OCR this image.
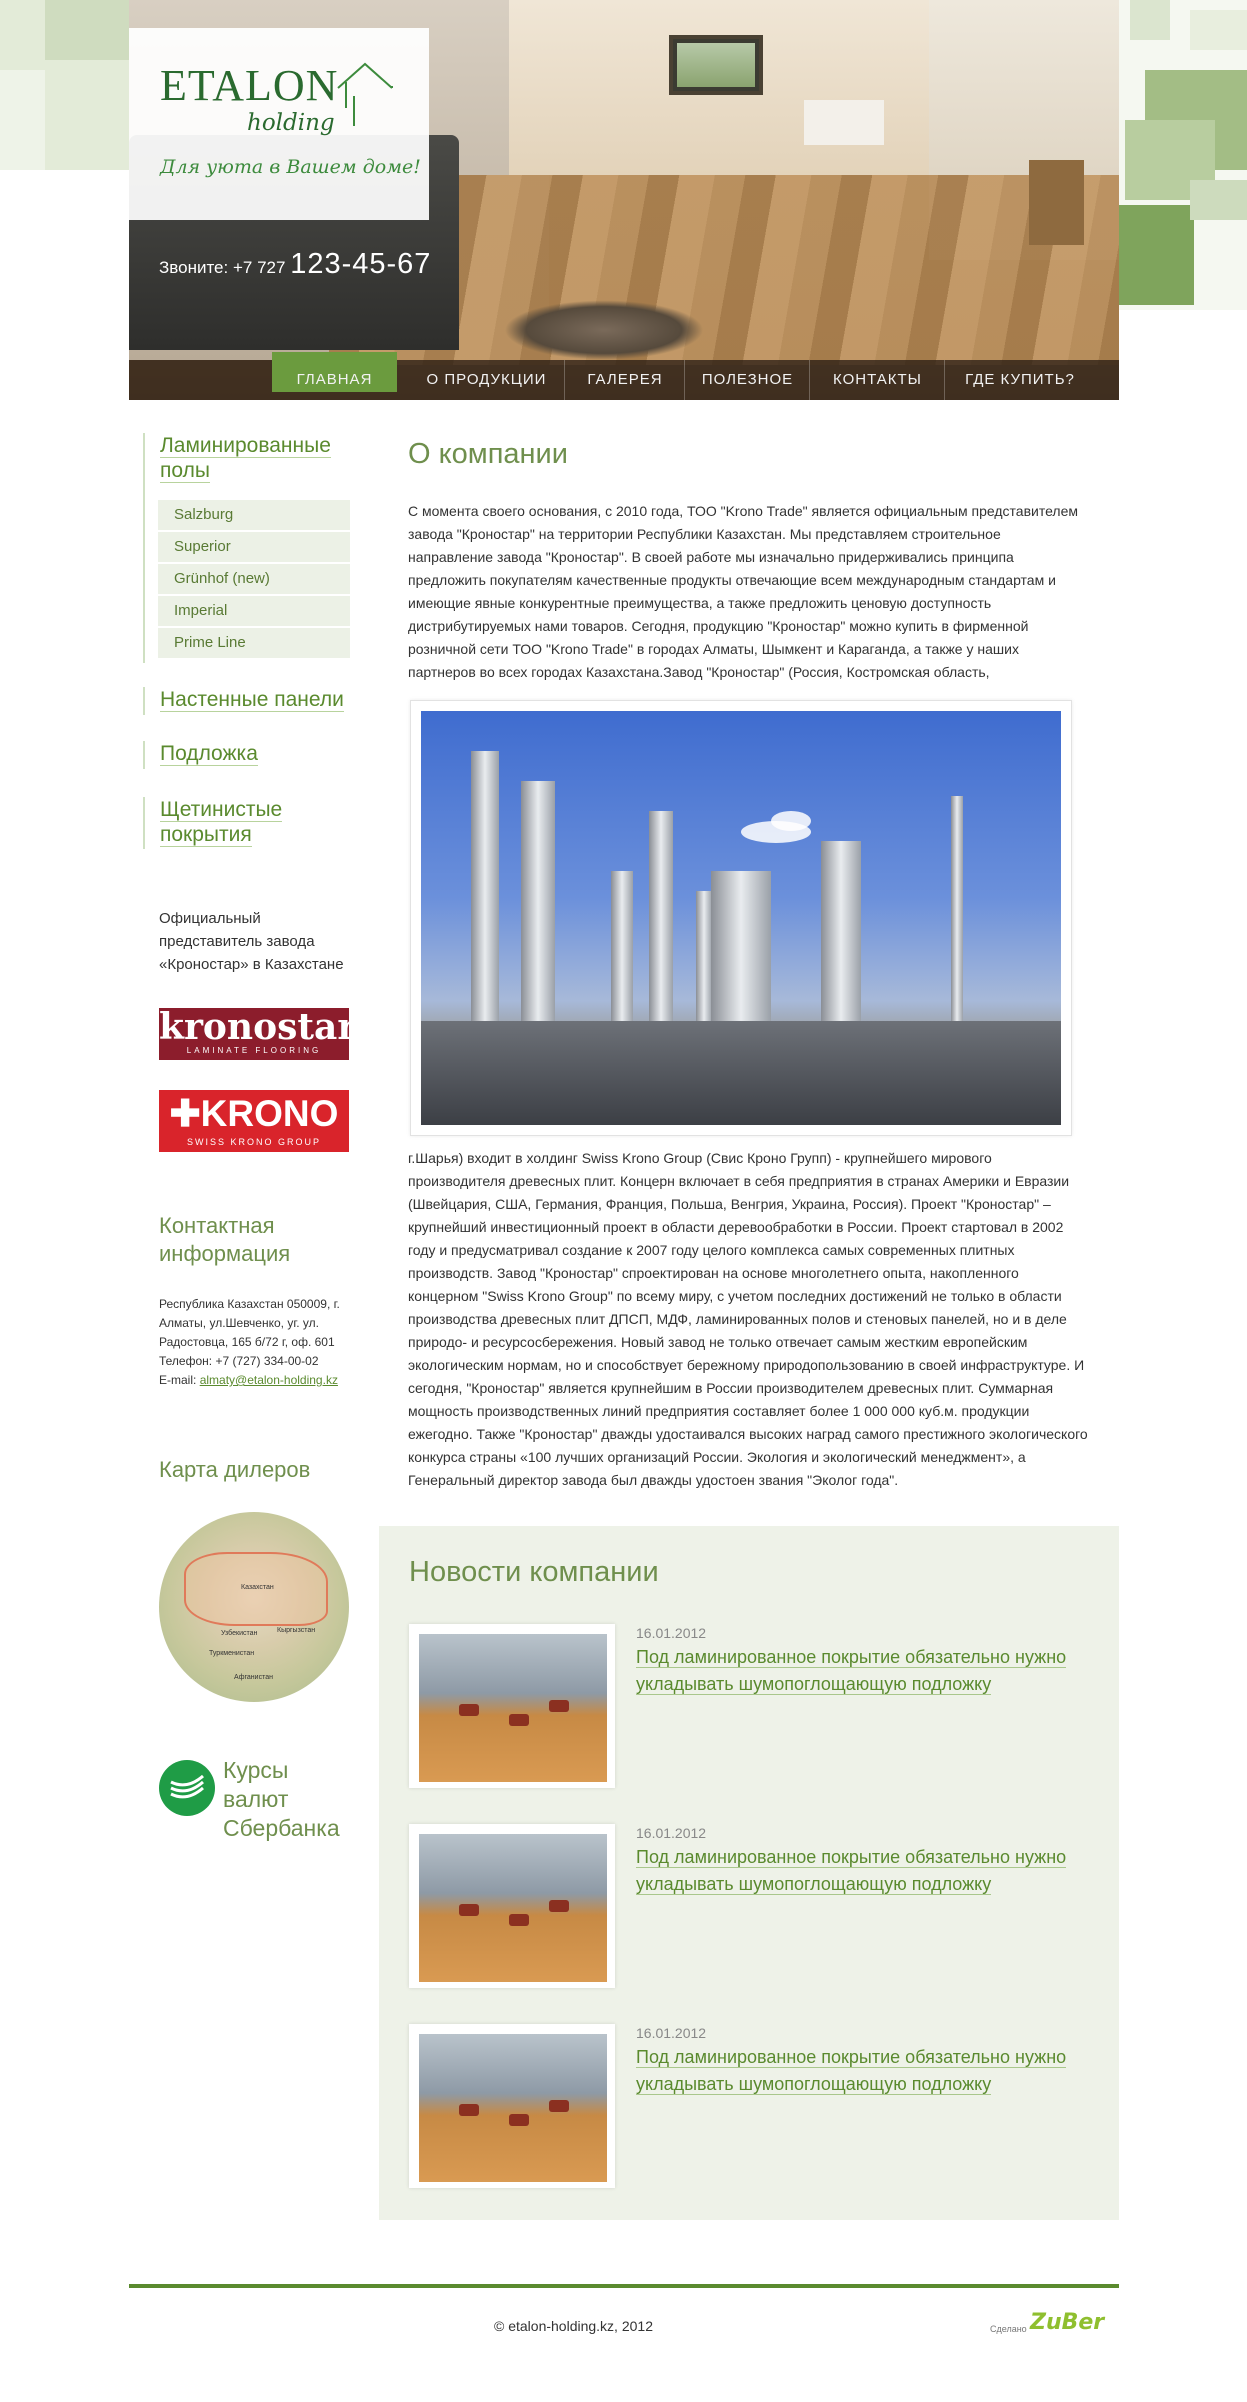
ETALON
holding
Для уюта в Вашем доме!
Звоните: +7 727 123-45-67
ГЛАВНАЯ	О ПРОДУКЦИИ	ГАЛЕРЕЯ	ПОЛЕЗНОЕ	КОНТАКТЫ	ГДЕ КУПИТЬ?
Ламинированные полы
Salzburg
Superior
Grünhof (new)
Imperial
Prime Line
Настенные панели
Подложка
Щетинистые покрытия
Официальный
представитель завода
«Кроностар» в Казахстане
kronostar
LAMINATE FLOORING
✚KRONO
SWISS KRONO GROUP
Контактная
информация
Республика Казахстан 050009, г.
Алматы, ул.Шевченко, уг. ул.
Радостовца, 165 б/72 г, оф. 601
Телефон: +7 (727) 334-00-02
E-mail: almaty@etalon-holding.kz
Карта дилеров
Казахстан
Узбекистан
Туркменистан
Афганистан
Кыргызстан
Курсы валют
Сбербанка
О компании
С момента своего основания, с 2010 года, ТОО "Krono Trade" является официальным представителем завода "Кроностар" на территории Республики Казахстан. Мы представляем строительное направление завода "Кроностар". В своей работе мы изначально придерживались принципа предложить покупателям качественные продукты отвечающие всем международным стандартам и имеющие явные конкурентные преимущества, а также предложить ценовую доступность дистрибутируемых нами товаров. Сегодня, продукцию "Кроностар" можно купить в фирменной розничной сети ТОО "Krono Trade" в городах Алматы, Шымкент и Караганда, а также у наших партнеров во всех городах Казахстана.Завод "Кроностар" (Россия, Костромская область,
г.Шарья) входит в холдинг Swiss Krono Group (Свис Кроно Групп) - крупнейшего мирового производителя древесных плит. Концерн включает в себя предприятия в странах Америки и Евразии (Швейцария, США, Германия, Франция, Польша, Венгрия, Украина, Россия). Проект "Кроностар" – крупнейший инвестиционный проект в области деревообработки в России. Проект стартовал в 2002 году и предусматривал создание к 2007 году целого комплекса самых современных плитных производств. Завод "Кроностар" спроектирован на основе многолетнего опыта, накопленного концерном "Swiss Krono Group" по всему миру, с учетом последних достижений не только в области производства древесных плит ДПСП, МДФ, ламинированных полов и стеновых панелей, но и в деле природо- и ресурсосбережения. Новый завод не только отвечает самым жестким европейским экологическим нормам, но и способствует бережному природопользованию в своей инфраструктуре. И сегодня, "Кроностар" является крупнейшим в России производителем древесных плит. Суммарная мощность производственных линий предприятия составляет более 1 000 000 куб.м. продукции ежегодно. Также "Кроностар" дважды удостаивался высоких наград самого престижного экологического конкурса страны «100 лучших организаций России. Экология и экологический менеджмент», а Генеральный директор завода был дважды удостоен звания "Эколог года".
Новости компании
16.01.2012
Под ламинированное покрытие обязательно нужно укладывать шумопоглощающую подложку
16.01.2012
Под ламинированное покрытие обязательно нужно укладывать шумопоглощающую подложку
16.01.2012
Под ламинированное покрытие обязательно нужно укладывать шумопоглощающую подложку
© etalon-holding.kz, 2012	Сделано ZuBer
